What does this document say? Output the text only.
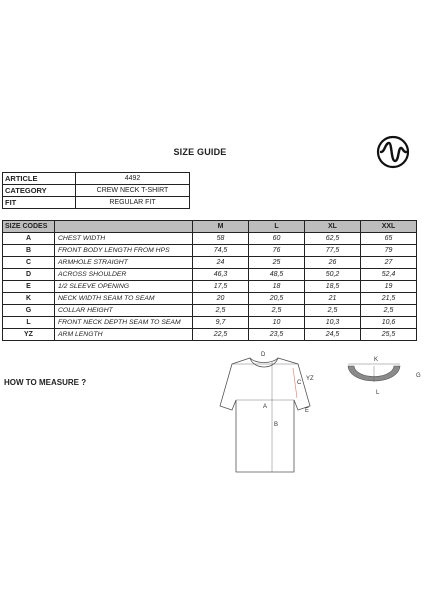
SIZE GUIDE
ARTICLE	4492
CATEGORY	CREW NECK T-SHIRT
FIT	REGULAR FIT
SIZE CODES		M	L	XL	XXL
A	CHEST WIDTH	58	60	62,5	65
B	FRONT BODY LENGTH FROM HPS	74,5	76	77,5	79
C	ARMHOLE STRAIGHT	24	25	26	27
D	ACROSS SHOULDER	46,3	48,5	50,2	52,4
E	1/2 SLEEVE OPENING	17,5	18	18,5	19
K	NECK WIDTH SEAM TO SEAM	20	20,5	21	21,5
G	COLLAR HEIGHT	2,5	2,5	2,5	2,5
L	FRONT NECK DEPTH SEAM TO SEAM	9,7	10	10,3	10,6
YZ	ARM LENGTH	22,5	23,5	24,5	25,5
HOW TO MEASURE ?
D
C
YZ
A
B
E
K
G
L
